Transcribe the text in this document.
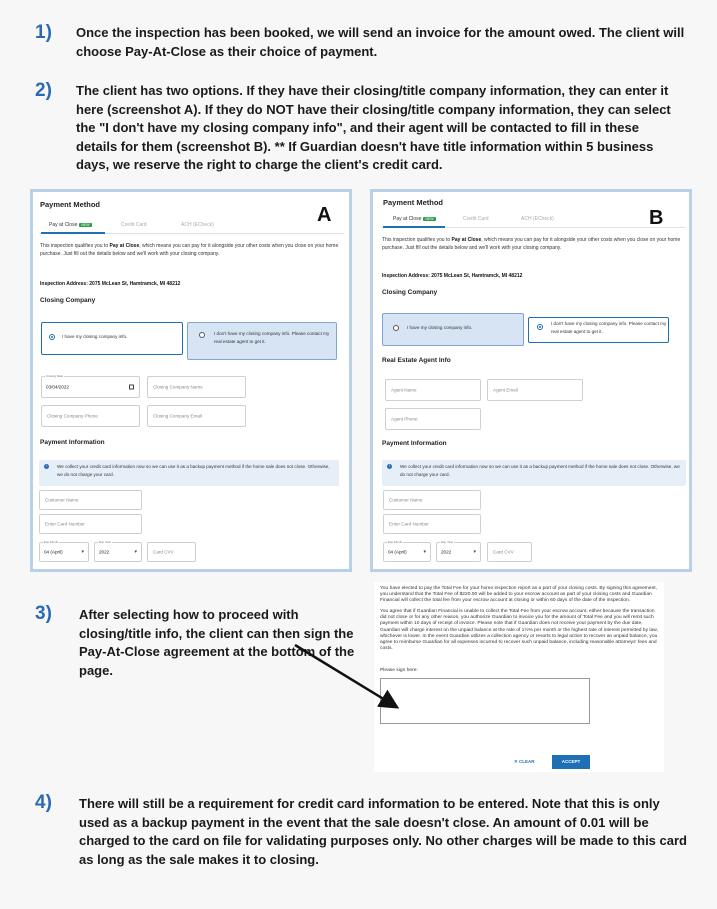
1) Once the inspection has been booked, we will send an invoice for the amount owed. The client will choose Pay-At-Close as their choice of payment.
2) The client has two options. If they have their closing/title company information, they can enter it here (screenshot A). If they do NOT have their closing/title company information, they can select the "I don't have my closing company info", and their agent will be contacted to fill in these details for them (screenshot B). ** If Guardian doesn't have title information within 5 business days, we reserve the right to charge the client's credit card.
Payment Method
Pay at Close NEW	Credit Card	ACH (ECheck)	A
This inspection qualifies you to Pay at Close, which means you can pay for it alongside your other costs when you close on your home purchase. Just fill out the details below and we'll work with your closing company.
Inspection Address: 2075 McLean St, Hamtramck, MI 48212
Closing Company
I have my closing company info.
I don't have my closing company info. Please contact my real estate agent to get it.
Closing Date
03/04/2022	Closing Company Name
Closing Company Phone	Closing Company Email
Payment Information
i	We collect your credit card information now so we can use it as a backup payment method if the home sale does not close. Otherwise, we do not charge your card.
Customer Name
Enter Card Number
Exp Month
04 (April)	▾
Exp Year
2022	▾	Card CVV
Payment Method
Pay at Close NEW	Credit Card	ACH (ECheck)	B
This inspection qualifies you to Pay at Close, which means you can pay for it alongside your other costs when you close on your home purchase. Just fill out the details below and we'll work with your closing company.
Inspection Address: 2075 McLean St, Hamtramck, MI 48212
Closing Company
I have my closing company info.
I don't have my closing company info. Please contact my real estate agent to get it.
Real Estate Agent Info
Agent Name	Agent Email
Agent Phone
Payment Information
i	We collect your credit card information now so we can use it as a backup payment method if the home sale does not close. Otherwise, we do not charge your card.
Customer Name
Enter Card Number
Exp Month
04 (April)	▾
Exp Year
2022	▾	Card CVV
3) After selecting how to proceed with closing/title info, the client can then sign the Pay-At-Close agreement at the bottom of the page.

You have elected to pay the Total Fee for your home inspection report as a part of your closing costs. By signing this agreement, you understand that the Total Fee of $220.00 will be added to your escrow account as part of your closing costs and Guardian Financial will collect the total fee from your escrow account at closing or within 60 days of the date of the inspection.

You agree that if Guardian Financial is unable to collect the Total Fee from your escrow account, either because the transaction did not close or for any other reason, you authorize Guardian to invoice you for the amount of Total Fee and you will remit such payment within 10 days of receipt of invoice. Please note that if Guardian does not receive your payment by the due date, Guardian will charge interest on the unpaid balance at the rate of 1½% per month or the highest rate of interest permitted by law, whichever is lower. In the event Guardian utilizes a collection agency or resorts to legal action to recover an unpaid balance, you agree to reimburse Guardian for all expenses incurred to recover such unpaid balance, including reasonable attorneys' fees and costs.

Please sign here:
✕ CLEAR	ACCEPT
4) There will still be a requirement for credit card information to be entered. Note that this is only used as a backup payment in the event that the sale doesn't close. An amount of 0.01 will be charged to the card on file for validating purposes only. No other charges will be made to this card as long as the sale makes it to closing.
